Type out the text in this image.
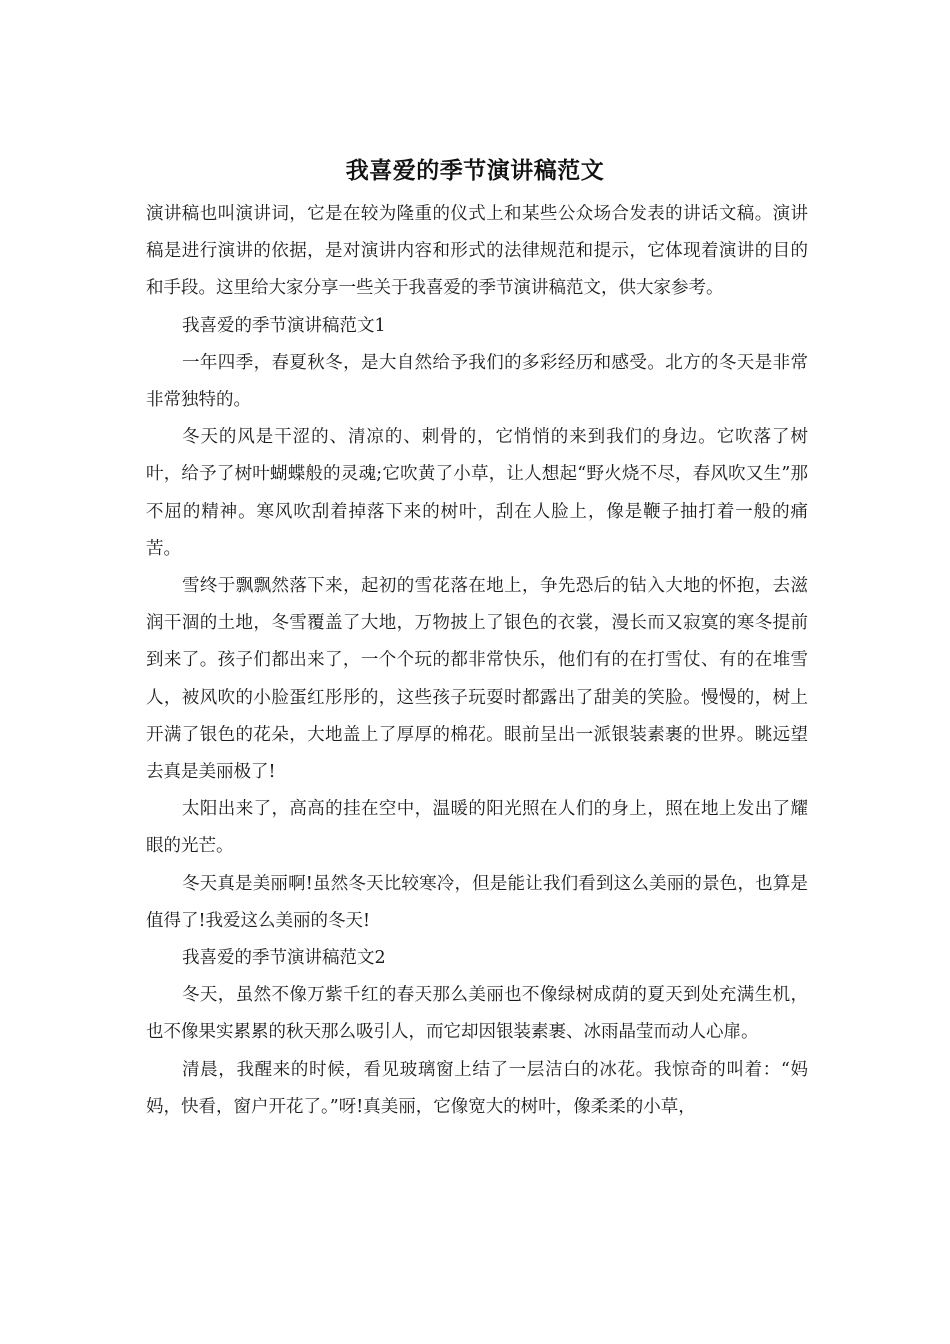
我喜爱的季节演讲稿范文

演讲稿也叫演讲词，它是在较为隆重的仪式上和某些公众场合发表的讲话文稿。演讲稿是进行演讲的依据，是对演讲内容和形式的法律规范和提示，它体现着演讲的目的和手段。这里给大家分享一些关于我喜爱的季节演讲稿范文，供大家参考。

我喜爱的季节演讲稿范文1

一年四季，春夏秋冬，是大自然给予我们的多彩经历和感受。北方的冬天是非常非常独特的。

冬天的风是干涩的、清凉的、刺骨的，它悄悄的来到我们的身边。它吹落了树叶，给予了树叶蝴蝶般的灵魂;它吹黄了小草，让人想起“野火烧不尽，春风吹又生”那不屈的精神。寒风吹刮着掉落下来的树叶，刮在人脸上，像是鞭子抽打着一般的痛苦。

雪终于飘飘然落下来，起初的雪花落在地上，争先恐后的钻入大地的怀抱，去滋润干涸的土地，冬雪覆盖了大地，万物披上了银色的衣裳，漫长而又寂寞的寒冬提前到来了。孩子们都出来了，一个个玩的都非常快乐，他们有的在打雪仗、有的在堆雪人，被风吹的小脸蛋红彤彤的，这些孩子玩耍时都露出了甜美的笑脸。慢慢的，树上开满了银色的花朵，大地盖上了厚厚的棉花。眼前呈出一派银装素裹的世界。眺远望去真是美丽极了!

太阳出来了，高高的挂在空中，温暖的阳光照在人们的身上，照在地上发出了耀眼的光芒。

冬天真是美丽啊!虽然冬天比较寒冷，但是能让我们看到这么美丽的景色，也算是值得了!我爱这么美丽的冬天!

我喜爱的季节演讲稿范文2

冬天，虽然不像万紫千红的春天那么美丽也不像绿树成荫的夏天到处充满生机，也不像果实累累的秋天那么吸引人，而它却因银装素裹、冰雨晶莹而动人心扉。

清晨，我醒来的时候，看见玻璃窗上结了一层洁白的冰花。我惊奇的叫着：“妈妈，快看，窗户开花了。”呀!真美丽，它像宽大的树叶，像柔柔的小草，
